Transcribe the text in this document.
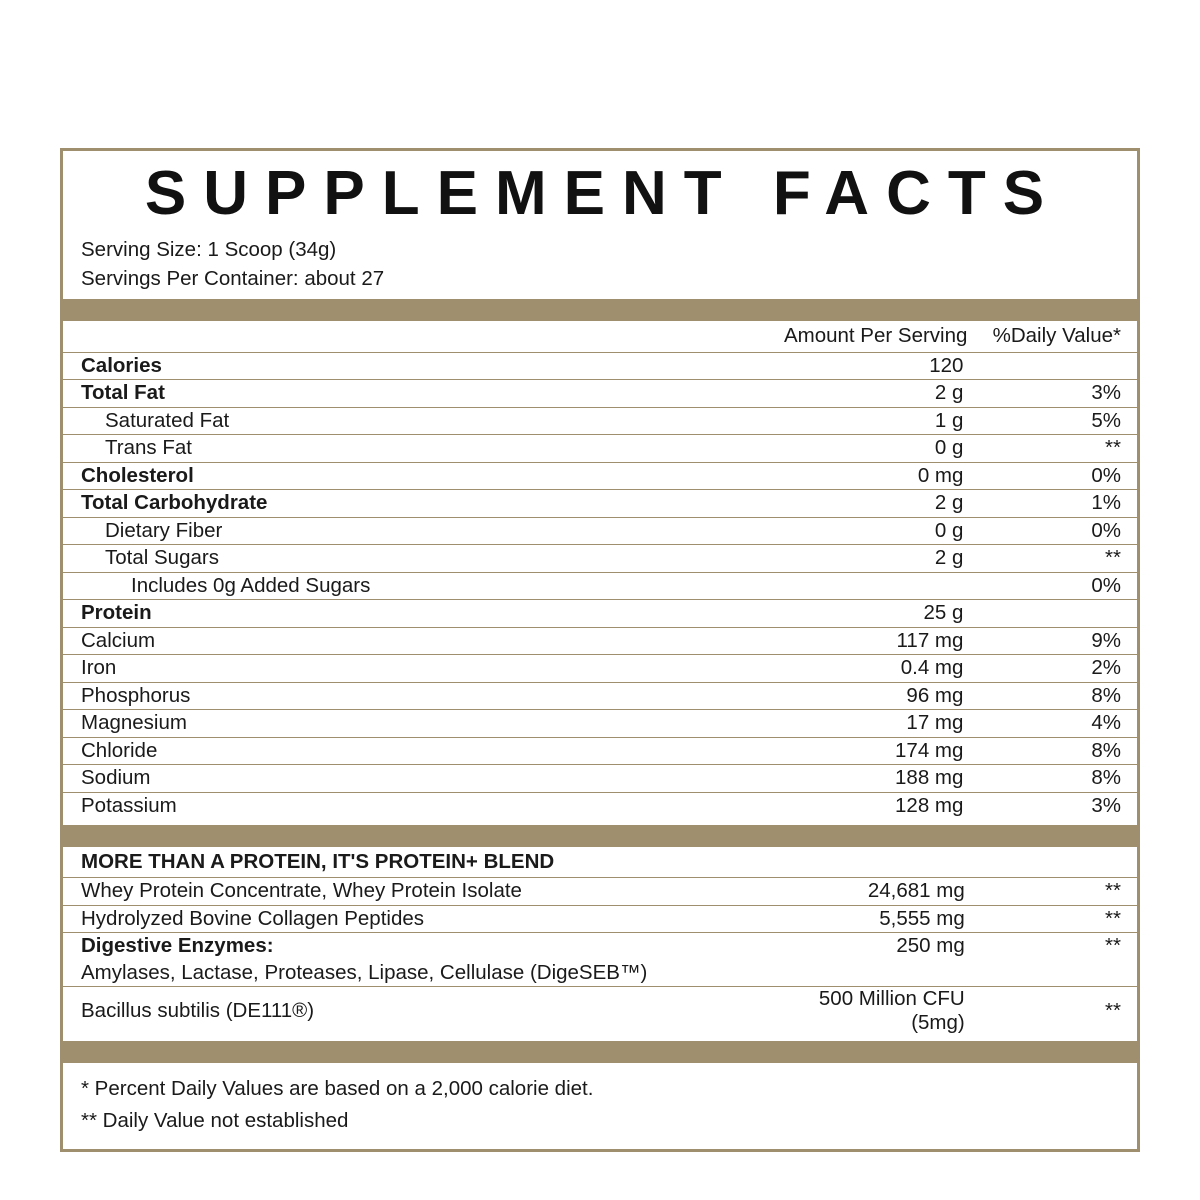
SUPPLEMENT FACTS
Serving Size: 1 Scoop (34g)
Servings Per Container: about 27
	Amount Per Serving	%Daily Value*
Calories	120	
Total Fat	2 g	3%
Saturated Fat	1 g	5%
Trans Fat	0 g	**
Cholesterol	0 mg	0%
Total Carbohydrate	2 g	1%
Dietary Fiber	0 g	0%
Total Sugars	2 g	**
Includes 0g Added Sugars		0%
Protein	25 g	
Calcium	117 mg	9%
Iron	0.4 mg	2%
Phosphorus	96 mg	8%
Magnesium	17 mg	4%
Chloride	174 mg	8%
Sodium	188 mg	8%
Potassium	128 mg	3%
MORE THAN A PROTEIN, IT'S PROTEIN+ BLEND		
Whey Protein Concentrate, Whey Protein Isolate	24,681 mg	**
Hydrolyzed Bovine Collagen Peptides	5,555 mg	**
Digestive Enzymes:	250 mg	**
Amylases, Lactase, Proteases, Lipase, Cellulase (DigeSEB™)		
Bacillus subtilis (DE111®)	500 Million CFU (5mg)	**
* Percent Daily Values are based on a 2,000 calorie diet.
** Daily Value not established
